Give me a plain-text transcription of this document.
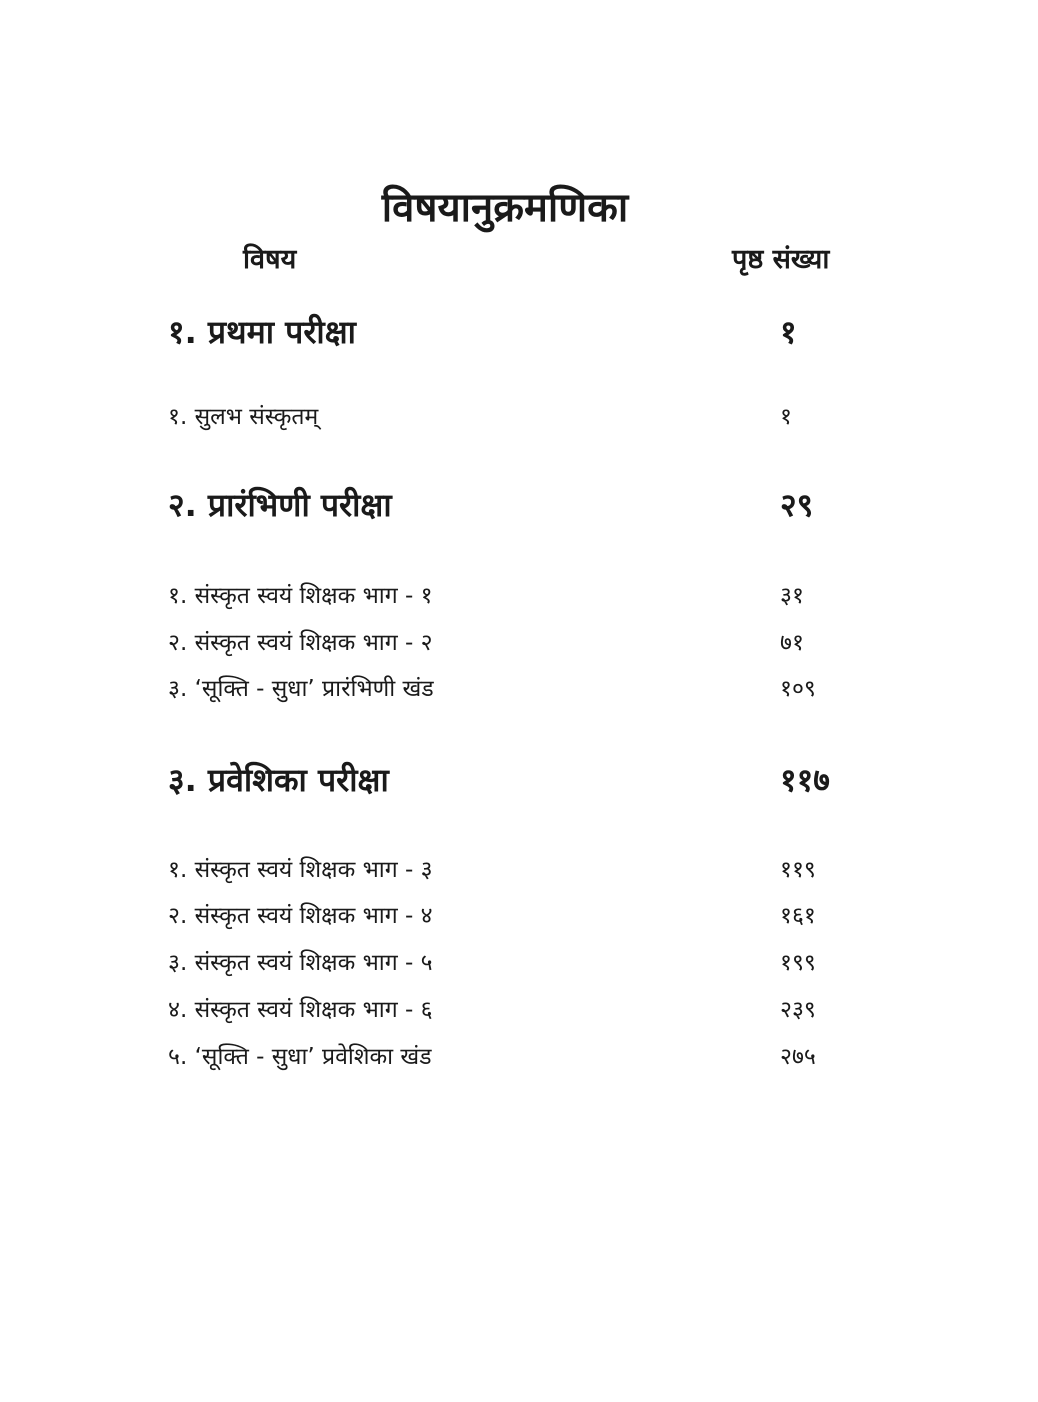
विषयानुक्रमणिका
विषय	पृष्ठ संख्या
१. प्रथमा परीक्षा	१
१. सुलभ संस्कृतम्	१
२. प्रारंभिणी परीक्षा	२९
१. संस्कृत स्वयं शिक्षक भाग - १	३१
२. संस्कृत स्वयं शिक्षक भाग - २	७१
३. ‘सूक्ति - सुधा’ प्रारंभिणी खंड	१०९
३. प्रवेशिका परीक्षा	११७
१. संस्कृत स्वयं शिक्षक भाग - ३	११९
२. संस्कृत स्वयं शिक्षक भाग - ४	१६१
३. संस्कृत स्वयं शिक्षक भाग - ५	१९९
४. संस्कृत स्वयं शिक्षक भाग - ६	२३९
५. ‘सूक्ति - सुधा’ प्रवेशिका खंड	२७५
